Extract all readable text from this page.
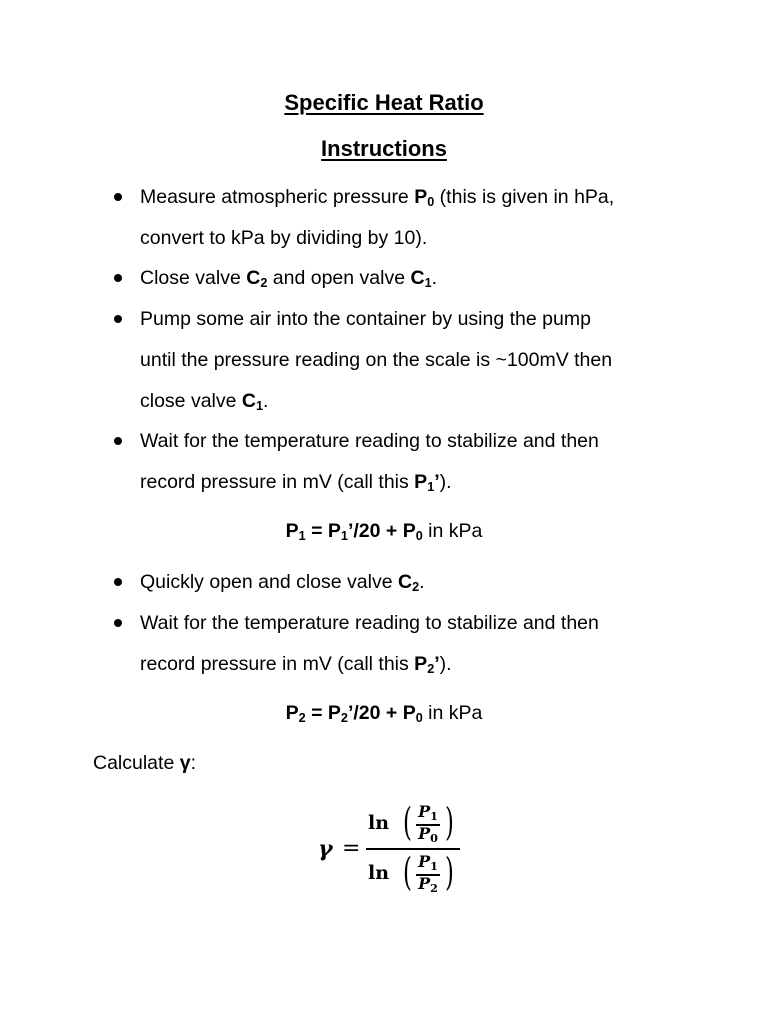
Specific Heat Ratio
Instructions
Measure atmospheric pressure $P_0$ (this is given in hPa,
convert to kPa by dividing by 10).
Close valve $C_2$ and open valve $C_1$.
Pump some air into the container by using the pump
until the pressure reading on the scale is ~100mV then
close valve $C_1$.
Wait for the temperature reading to stabilize and then
record pressure in mV (call this $P_1$’).
Quickly open and close valve $C_2$.
Wait for the temperature reading to stabilize and then
record pressure in mV (call this $P_2$’).
$P_1$ = $P_1’/20 + P_0$ in kPa
$P_2$ = $P_2’/20 + P_0$ in kPa
Calculate γ:
γ =
ln ( $P_1$
$P_0$ )
ln ( $P_1$
$P_2$ )
